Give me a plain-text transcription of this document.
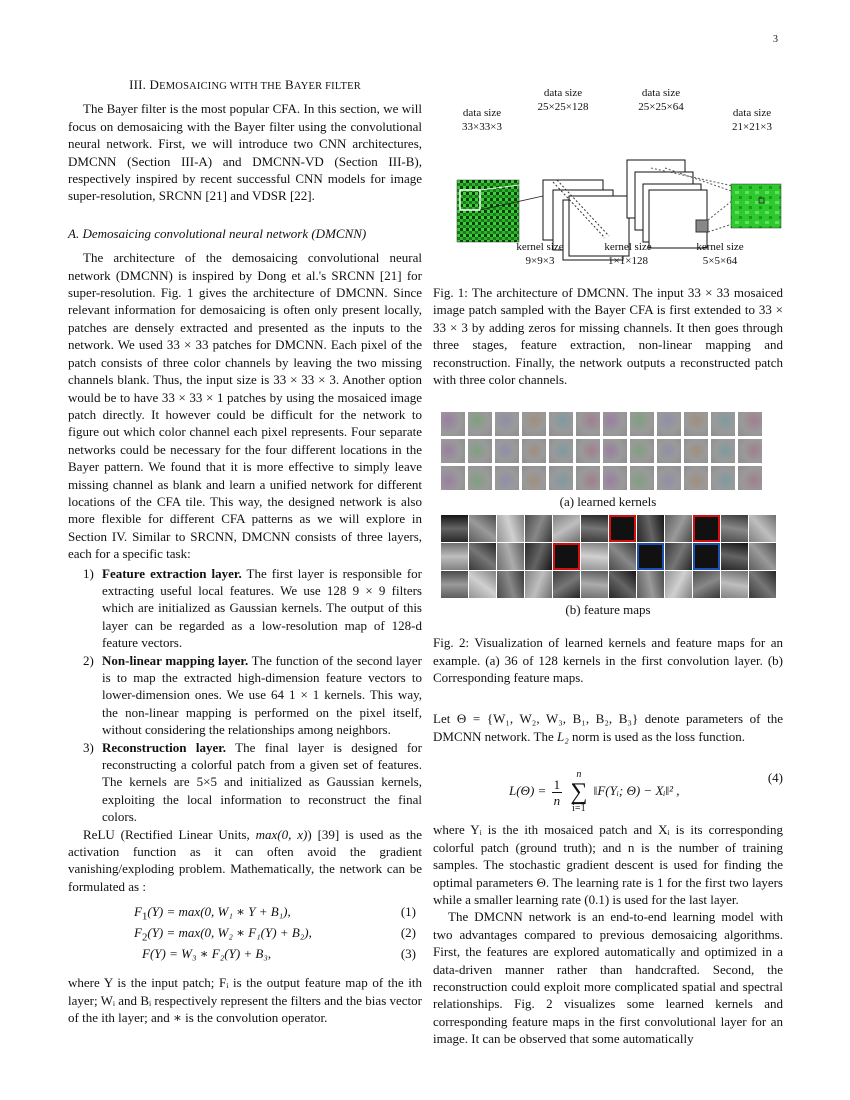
3
III. DEMOSAICING WITH THE BAYER FILTER

The Bayer filter is the most popular CFA. In this section, we will focus on demosaicing with the Bayer filter using the convolutional neural network. First, we will introduce two CNN architectures, DMCNN (Section III-A) and DMCNN-VD (Section III-B), respectively inspired by recent successful CNN models for image super-resolution, SRCNN [21] and VDSR [22].

A. Demosaicing convolutional neural network (DMCNN)

The architecture of the demosaicing convolutional neural network (DMCNN) is inspired by Dong et al.'s SRCNN [21] for super-resolution. Fig. 1 gives the architecture of DMCNN. Since relevant information for demosaicing is often only present locally, patches are densely extracted and presented as the inputs to the network. We used 33 × 33 patches for DMCNN. Each pixel of the patch consists of three color channels by leaving the two missing channels blank. Thus, the input size is 33 × 33 × 3. Another option would be to have 33 × 33 × 1 patches by using the mosaiced image patch directly. It however could be difficult for the network to figure out which color channel each pixel represents. Four separate networks could be necessary for the four different locations in the Bayer pattern. We found that it is more effective to simply leave missing channel as blank and learn a unified network for different locations of the CFA tile. This way, the designed network is also more flexible for different CFA patterns as we will explore in Section IV. Similar to SRCNN, DMCNN consists of three layers, each for a specific task:

1) Feature extraction layer. The first layer is responsible for extracting useful local features. We use 128 9 × 9 filters which are initialized as Gaussian kernels. The output of this layer can be regarded as a low-resolution map of 128-d feature vectors.
2) Non-linear mapping layer. The function of the second layer is to map the extracted high-dimension feature vectors to lower-dimension ones. We use 64 1 × 1 kernels. This way, the non-linear mapping is performed on the pixel itself, without considering the relationships among neighbors.
3) Reconstruction layer. The final layer is designed for reconstructing a colorful patch from a given set of features. The kernels are 5×5 and initialized as Gaussian kernels, exploiting the local information to reconstruct the final colors.

ReLU (Rectified Linear Units, max(0, x)) [39] is used as the activation function as it can often avoid the gradient vanishing/exploding problem. Mathematically, the network can be formulated as :

$F_1(Y) = \max(0$, W₁ ∗ Y + B₁),	(1)
$F_2(Y) = \max(0$, W₂ ∗ F₁(Y) + B₂),	(2)
F(Y) = W₃ ∗ F₂(Y) + B₃,	(3)

where Y is the input patch; Fᵢ is the output feature map of the ith layer; Wᵢ and Bᵢ respectively represent the filters and the bias vector of the ith layer; and ∗ is the convolution operator.

data size
33×33×3
data size
25×25×128
data size
25×25×64	data size
21×21×3
kernel size
9×9×3
kernel size
1×1×128
kernel size
5×5×64

Fig. 1: The architecture of DMCNN. The input 33 × 33 mosaiced image patch sampled with the Bayer CFA is first extended to 33 × 33 × 3 by adding zeros for missing channels. It then goes through three stages, feature extraction, non-linear mapping and reconstruction. Finally, the network outputs a reconstructed patch with three color channels.

(a) learned kernels
(b) feature maps

Fig. 2: Visualization of learned kernels and feature maps for an example. (a) 36 of 128 kernels in the first convolution layer. (b) Corresponding feature maps.

Let Θ = {W₁, W₂, W₃, B₁, B₂, B₃} denote parameters of the DMCNN network. The L₂ norm is used as the loss function.

$L(\Theta) = \frac{1}{n}$

n
∑
i=1
‖F(Yᵢ; Θ) − Xᵢ‖² ,
(4)

where Yᵢ is the ith mosaiced patch and Xᵢ is its corresponding colorful patch (ground truth); and n is the number of training samples. The stochastic gradient descent is used for finding the optimal parameters Θ. The learning rate is 1 for the first two layers while a smaller learning rate (0.1) is used for the last layer.

The DMCNN network is an end-to-end learning model with two advantages compared to previous demosaicing algorithms. First, the features are explored automatically and optimized in a data-driven manner rather than handcrafted. Second, the reconstruction could exploit more complicated spatial and spectral relationships. Fig. 2 visualizes some learned kernels and corresponding feature maps in the first convolutional layer for an image. It can be observed that some automatically
